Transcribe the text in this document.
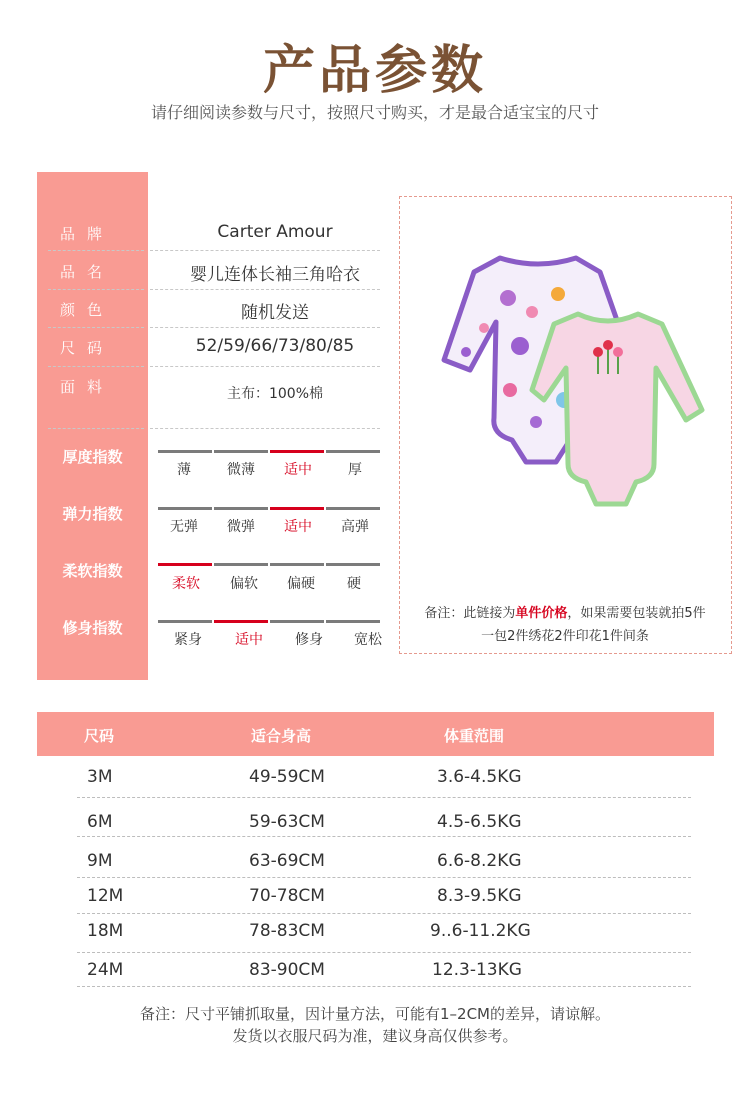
产品参数
请仔细阅读参数与尺寸，按照尺寸购买，才是最合适宝宝的尺寸
品牌	Carter Amour
品名	婴儿连体长袖三角哈衣
颜色	随机发送
尺码	52/59/66/73/80/85
面料	主布：100%棉
厚度指数
薄	微薄	适中	厚
弹力指数
无弹	微弹	适中	高弹
柔软指数
柔软	偏软	偏硬	硬
修身指数
紧身	适中	修身	宽松
备注：此链接为单件价格，如果需要包装就拍5件
一包2件绣花2件印花1件间条
尺码	适合身高	体重范围
3M	49-59CM	3.6-4.5KG
6M	59-63CM	4.5-6.5KG
9M	63-69CM	6.6-8.2KG
12M	70-78CM	8.3-9.5KG
18M	78-83CM	9..6-11.2KG
24M	83-90CM	12.3-13KG
备注：尺寸平铺抓取量，因计量方法，可能有1–2CM的差异，请谅解。
发货以衣服尺码为准，建议身高仅供参考。
